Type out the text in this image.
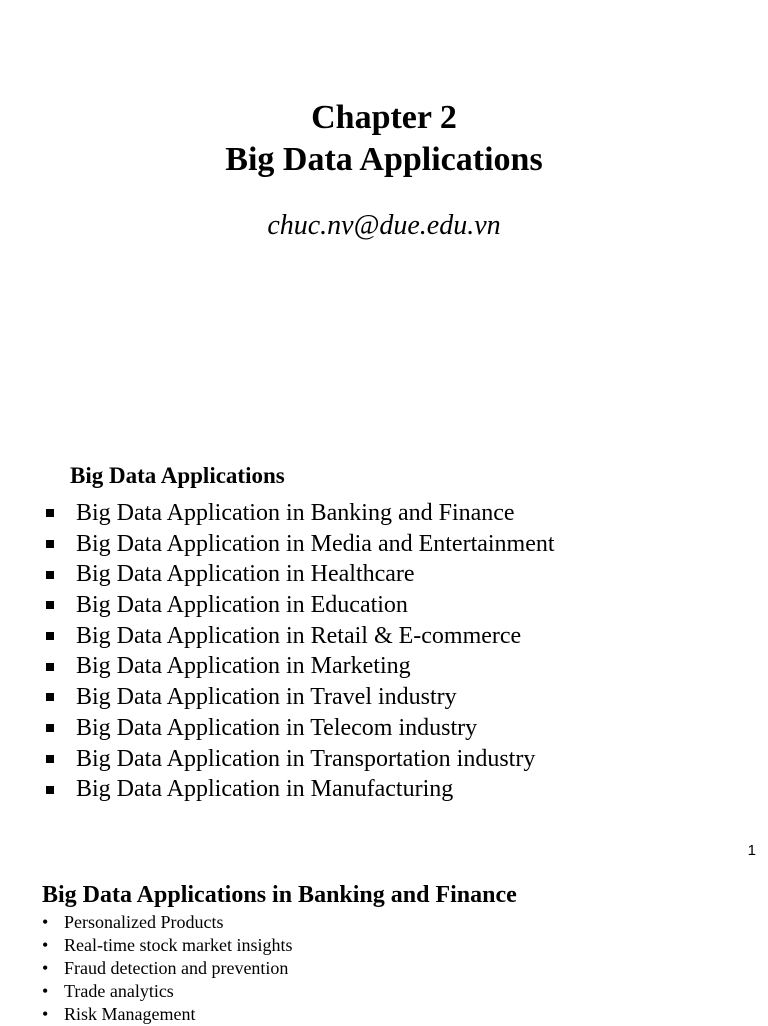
Chapter 2
Big Data Applications
chuc.nv@due.edu.vn
Big Data Applications
Big Data Application in Banking and Finance
Big Data Application in Media and Entertainment
Big Data Application in Healthcare
Big Data Application in Education
Big Data Application in Retail & E-commerce
Big Data Application in Marketing
Big Data Application in Travel industry
Big Data Application in Telecom industry
Big Data Application in Transportation industry
Big Data Application in Manufacturing
1
Big Data Applications in Banking and Finance
• Personalized Products
• Real-time stock market insights
• Fraud detection and prevention
• Trade analytics
• Risk Management
